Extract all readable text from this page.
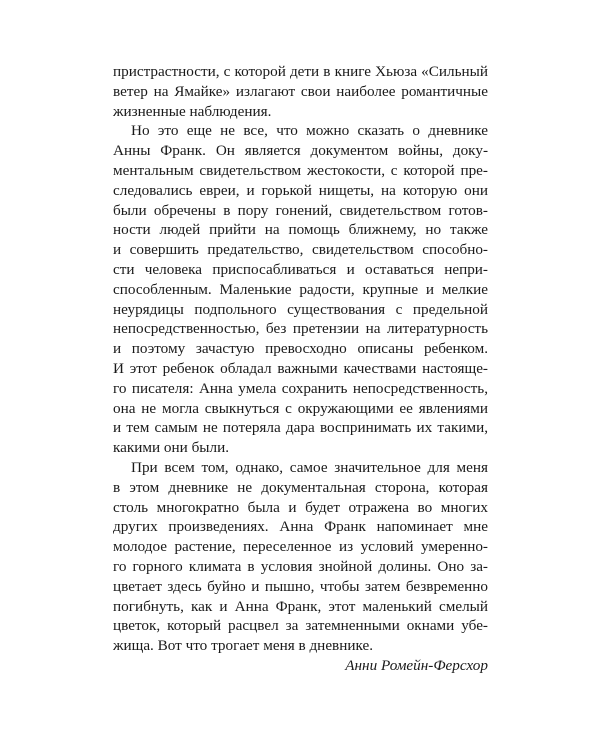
пристрастности, с которой дети в книге Хьюза «Сильный
ветер на Ямайке» излагают свои наиболее романтичные
жизненные наблюдения.
Но это еще не все, что можно сказать о дневнике
Анны Франк. Он является документом войны, доку-
ментальным свидетельством жестокости, с которой пре-
следовались евреи, и горькой нищеты, на которую они
были обречены в пору гонений, свидетельством готов-
ности людей прийти на помощь ближнему, но также
и совершить предательство, свидетельством способно-
сти человека приспосабливаться и оставаться непри-
способленным. Маленькие радости, крупные и мелкие
неурядицы подпольного существования с предельной
непосредственностью, без претензии на литературность
и поэтому зачастую превосходно описаны ребенком.
И этот ребенок обладал важными качествами настоящe-
го писателя: Анна умела сохранить непосредственность,
она не могла свыкнуться с окружающими ее явлениями
и тем самым не потеряла дара воспринимать их такими,
какими они были.
При всем том, однако, самое значительное для меня
в этом дневнике не документальная сторона, которая
столь многократно была и будет отражена во многих
других произведениях. Анна Франк напоминает мне
молодое растение, переселенное из условий умеренно-
го горного климата в условия знойной долины. Оно за-
цветает здесь буйно и пышно, чтобы затем безвременно
погибнуть, как и Анна Франк, этот маленький смелый
цветок, который расцвел за затемненными окнами убе-
жища. Вот что трогает меня в дневнике.
Анни Ромейн-Ферсхор
